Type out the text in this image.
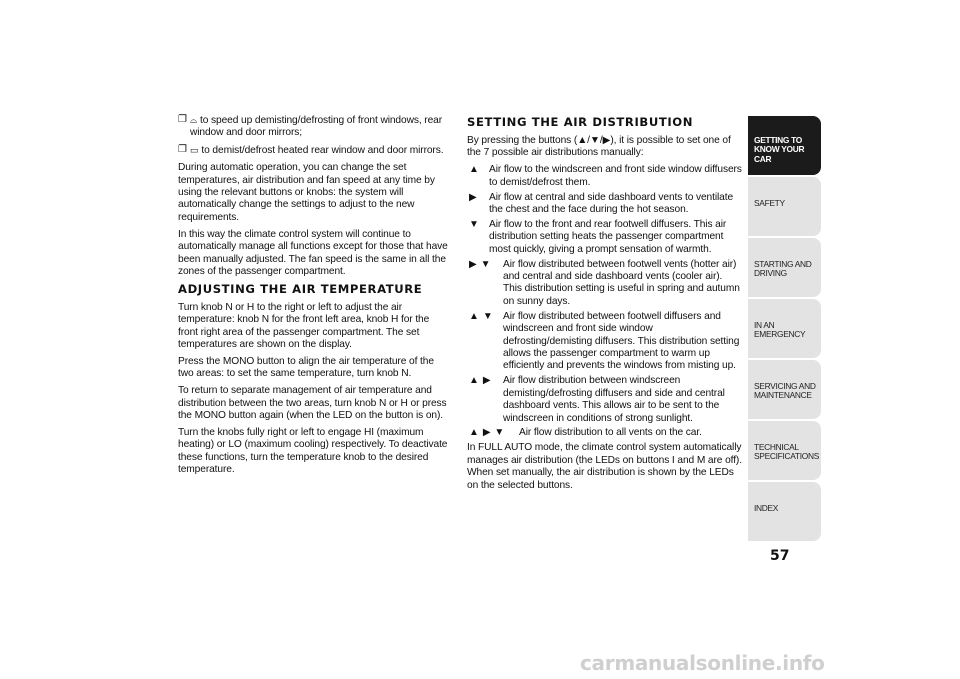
❐ ⌓ to speed up demisting/defrosting of front windows, rear window and door mirrors;
❐ ▭ to demist/defrost heated rear window and door mirrors.

During automatic operation, you can change the set temperatures, air distribution and fan speed at any time by using the relevant buttons or knobs: the system will automatically change the settings to adjust to the new requirements.

In this way the climate control system will continue to automatically manage all functions except for those that have been manually adjusted. The fan speed is the same in all the zones of the passenger compartment.

ADJUSTING THE AIR TEMPERATURE

Turn knob N or H to the right or left to adjust the air temperature: knob N for the front left area, knob H for the front right area of the passenger compartment. The set temperatures are shown on the display.

Press the MONO button to align the air temperature of the two areas: to set the same temperature, turn knob N.

To return to separate management of air temperature and distribution between the two areas, turn knob N or H or press the MONO button again (when the LED on the button is on).

Turn the knobs fully right or left to engage HI (maximum heating) or LO (maximum cooling) respectively. To deactivate these functions, turn the temperature knob to the desired temperature.

SETTING THE AIR DISTRIBUTION

By pressing the buttons (▲/▼/▶), it is possible to set one of the 7 possible air distributions manually:

▲ Air flow to the windscreen and front side window diffusers to demist/defrost them.
▶ Air flow at central and side dashboard vents to ventilate the chest and the face during the hot season.
▼ Air flow to the front and rear footwell diffusers. This air distribution setting heats the passenger compartment most quickly, giving a prompt sensation of warmth.
▶ ▼ Air flow distributed between footwell vents (hotter air) and central and side dashboard vents (cooler air). This distribution setting is useful in spring and autumn on sunny days.
▲ ▼ Air flow distributed between footwell diffusers and windscreen and front side window defrosting/demisting diffusers. This distribution setting allows the passenger compartment to warm up efficiently and prevents the windows from misting up.
▲ ▶ Air flow distribution between windscreen demisting/defrosting diffusers and side and central dashboard vents. This allows air to be sent to the windscreen in conditions of strong sunlight.
▲ ▶ ▼ Air flow distribution to all vents on the car.

In FULL AUTO mode, the climate control system automatically manages air distribution (the LEDs on buttons I and M are off). When set manually, the air distribution is shown by the LEDs on the selected buttons.

GETTING TO KNOW YOUR CAR
SAFETY
STARTING AND DRIVING
IN AN EMERGENCY
SERVICING AND MAINTENANCE
TECHNICAL SPECIFICATIONS
INDEX
57
carmanualsonline.info
